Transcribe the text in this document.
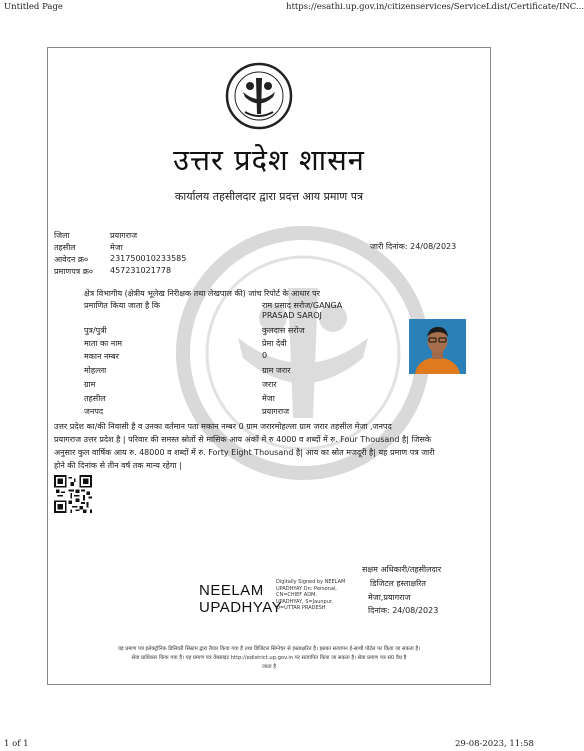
Untitled Page	https://esathi.up.gov.in/citizenservices/ServiceLdist/Certificate/INC...
उत्तर प्रदेश शासन
कार्यालय तहसीलदार द्वारा प्रदत्त आय प्रमाण पत्र
जिला	प्रयागराज
तहसील	मेजा
आवेदन क्र०	231750010233585
प्रमाणपत्र क्र० 457231021778
जारी दिनांक: 24/08/2023
क्षेत्र विभागीय (क्षेत्रीय भूलेख निरीक्षक तथा लेखपाल की) जांच रिपोर्ट के आधार पर
प्रमाणित किया जाता है कि	राम प्रसाद सरोज/GANGA
PRASAD SAROJ
पुत्र/पुत्री	कुलदास सरोज
माता का नाम	प्रेमा देवी
मकान नम्बर	0
मोहल्ला	ग्राम जरार
ग्राम	जरार
तहसील	मेजा
जनपद	प्रयागराज
उत्तर प्रदेश का/की निवासी है व उनका वर्तमान पता मकान नम्बर 0 ग्राम जरारमोहल्ला ग्राम जरार तहसील मेजा ,जनपद
प्रयागराज उत्तर प्रदेश है | परिवार की समस्त स्रोतों से मासिक आय अंकों में रु 4000 व शब्दों में रु. Four Thousand है| जिसके
अनुसार कुल वार्षिक आय रु. 48000 व शब्दों में रु. Forty Eight Thousand है| आय का स्रोत मजदूरी है| यह प्रमाण पत्र जारी
होने की दिनांक से तीन वर्ष तक मान्य रहेगा |
NEELAM
UPADHYAY
Digitally Signed by NEELAM
UPADHYAY Dn: Personal,
CN=CHIEF ADM.
UPADHYAY, S=Jaunpur,
O=UTTAR PRADESH
सक्षम अधिकारी/तहसीलदार
डिजिटल हस्ताक्षरित
मेजा,प्रयागराज
दिनांक: 24/08/2023
यह प्रमाण पत्र इलेक्ट्रॉनिक डिलिवरी सिस्टम द्वारा तैयार किया गया है तथा डिजिटल सिग्नेचर से हस्ताक्षरित है। इसका सत्यापन ई-साथी पोर्टल पर किया जा सकता है।
सेवा प्राधिकार किया गया है। यह प्रमाण पत्र वेबसाइट http://edistrict.up.gov.in पर सत्यापित किया जा सकता है। सेवा प्रमाण पत्र सं0 वैध है
जाता है
1 of 1	29-08-2023, 11:58
